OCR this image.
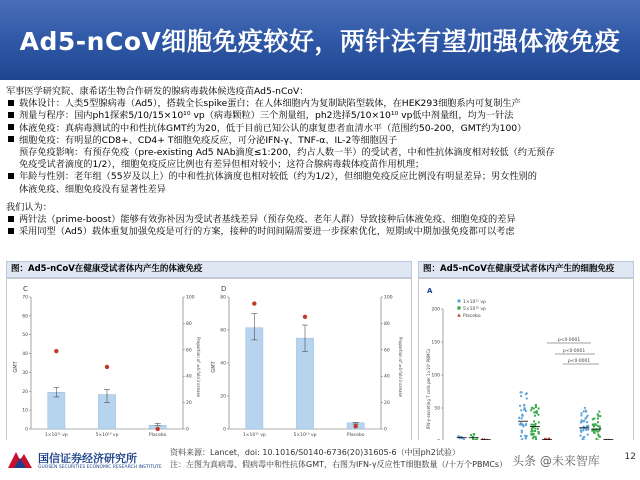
Ad5-nCoV细胞免疫较好，两针法有望加强体液免疫
军事医学研究院、康希诺生物合作研发的腺病毒载体候选疫苗Ad5-nCoV：
载体设计：人类5型腺病毒（Ad5），搭载全长spike蛋白；在人体细胞内为复制缺陷型载体，在HEK293细胞系内可复制生产
剂量与程序：国内ph1探索5/10/15×10¹⁰ vp（病毒颗粒）三个剂量组，ph2选择5/10×10¹⁰ vp低中剂量组，均为一针法
体液免疫：真病毒测试的中和性抗体GMT约为20，低于目前已知公认的康复患者血清水平（范围约50-200，GMT约为100）
细胞免疫：有明显的CD8+、CD4+ T细胞免疫反应，可分泌IFN-γ、TNF-α、IL-2等细胞因子
预存免疫影响：有预存免疫（pre-existing Ad5 NAb滴度≤1:200，约占人数一半）的受试者，中和性抗体滴度相对较低（约无预存
免疫受试者滴度的1/2），细胞免疫反应比例也有差异但相对较小；这符合腺病毒载体疫苗作用机理；
年龄与性别：老年组（55岁及以上）的中和性抗体滴度也相对较低（约为1/2），但细胞免疫反应比例没有明显差异；男女性别的
体液免疫、细胞免疫没有显著性差异
我们认为：
两针法（prime-boost）能够有效弥补因为受试者基线差异（预存免疫、老年人群）导致接种后体液免疫、细胞免疫的差异
采用同型（Ad5）载体重复加强免疫是可行的方案，接种的时间间隔需要进一步探索优化，短期或中期加强免疫都可以考虑
图：Ad5-nCoV在健康受试者体内产生的体液免疫
C
GMT	Proportion of ≥4-fold increase
0
10
20
30
40
50
60
70
0
20
40
60
80
100
1×10¹¹ vp	5×10¹⁰ vp	Placebo
D
GMT	Proportion of ≥4-fold increase
0
20
40
60
80
0
20
40
60
80
100
1×10¹¹ vp	5×10¹⁰ vp	Placebo
图：Ad5-nCoV在健康受试者体内产生的细胞免疫
A
IFN-γ-secreting T cells per 1×10⁵ PBMCs 50
100
150
200
1×10¹¹ vp
5×10¹⁰ vp
Placebo
p<0·0001
p<0·0001
p<0·0001
国信证券经济研究所
GUOSEN SECURITIES ECONOMIC RESEARCH INSTITUTE
资料来源：Lancet，doi: 10.1016/S0140-6736(20)31605-6（中国ph2试验）
注：左图为真病毒、假病毒中和性抗体GMT，右图为IFN-γ反应性T细胞数量（/十万个PBMCs） 头条 @未来智库	12
